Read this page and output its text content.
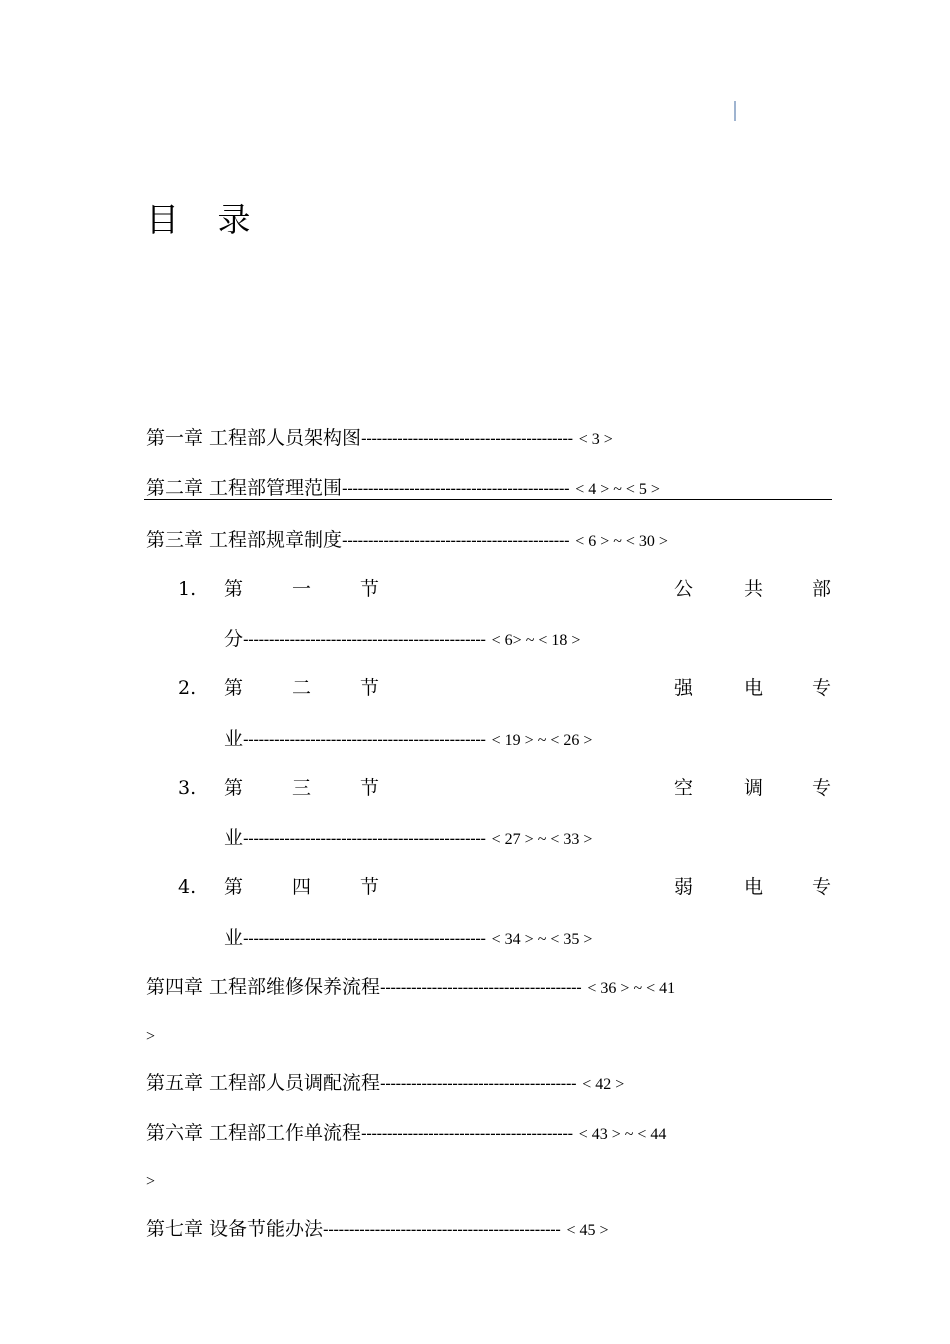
目 录
第一章 工程部人员架构图----------------------------------------- < 3 >
第二章 工程部管理范围-------------------------------------------- < 4 > ~ < 5 >
第三章 工程部规章制度-------------------------------------------- < 6 > ~ < 30 >
1. 第	一	节	公	共	部
分----------------------------------------------- < 6> ~ < 18 >
2. 第	二	节	强	电	专
业----------------------------------------------- < 19 > ~ < 26 >
3. 第	三	节	空	调	专
业----------------------------------------------- < 27 > ~ < 33 >
4. 第	四	节	弱	电	专
业----------------------------------------------- < 34 > ~ < 35 >
第四章 工程部维修保养流程--------------------------------------- < 36 > ~ < 41
>
第五章 工程部人员调配流程-------------------------------------- < 42 >
第六章 工程部工作单流程----------------------------------------- < 43 > ~ < 44
>
第七章 设备节能办法---------------------------------------------- < 45 >
